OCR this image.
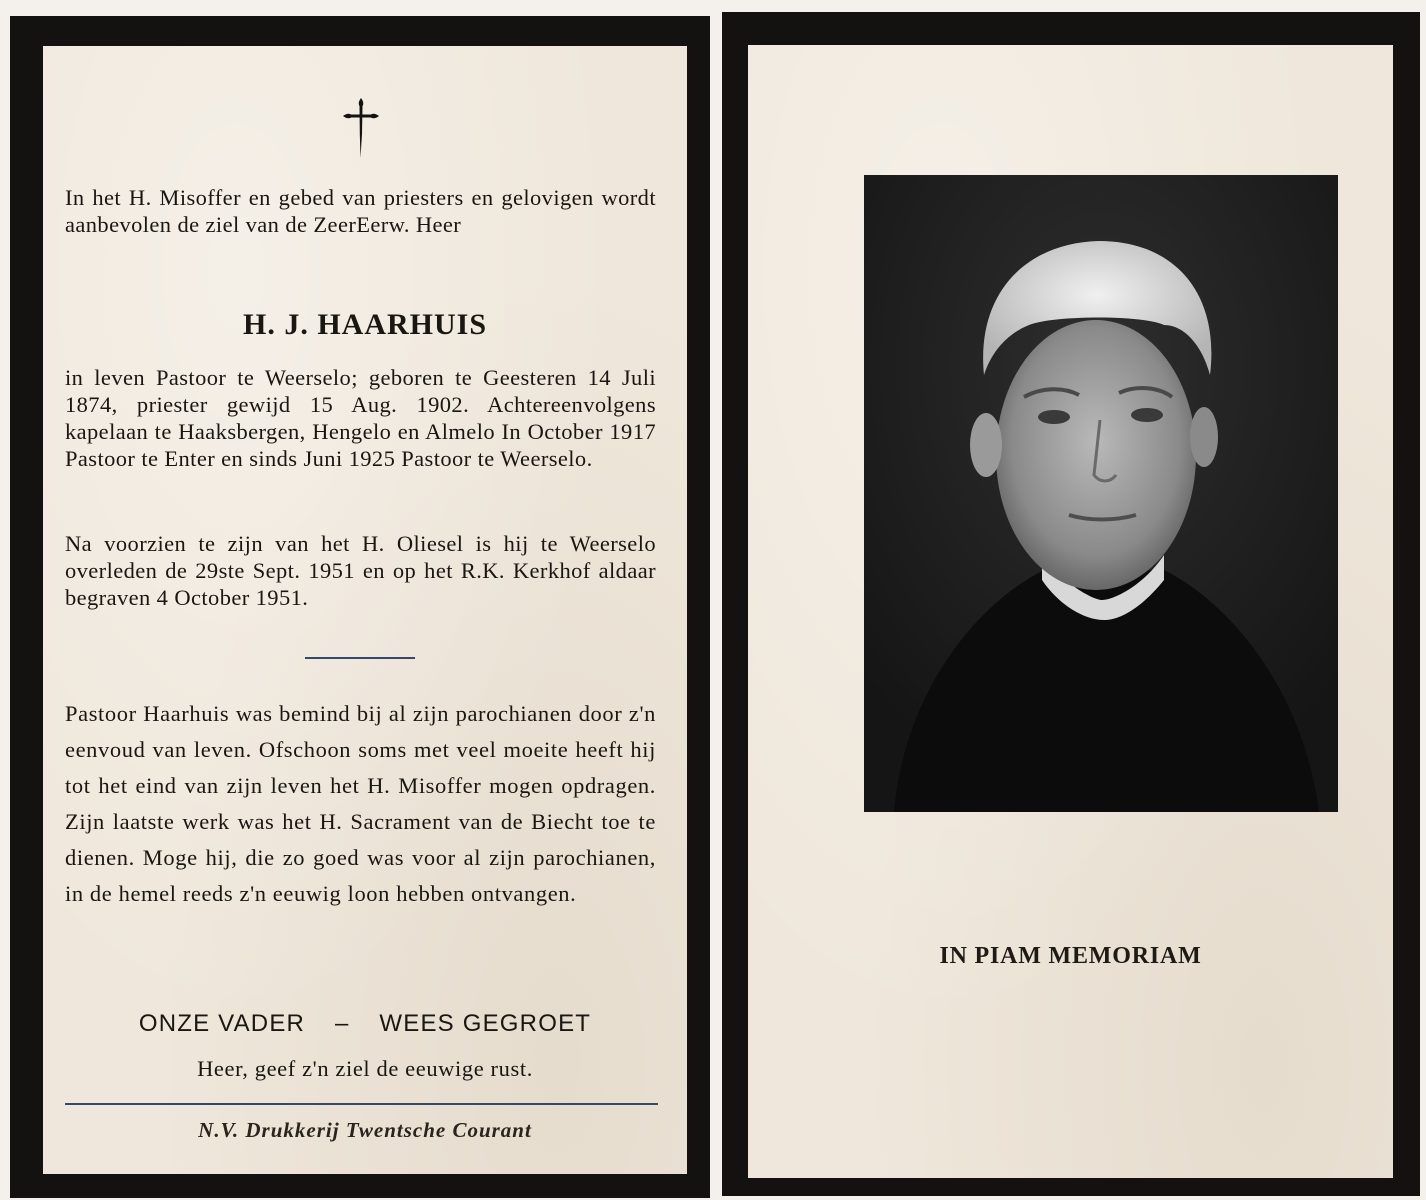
In het H. Misoffer en gebed van priesters en gelovigen wordt aanbevolen de ziel van de ZeerEerw. Heer
H. J. HAARHUIS
in leven Pastoor te Weerselo; geboren te Geesteren 14 Juli 1874, priester gewijd 15 Aug. 1902. Achtereenvolgens kapelaan te Haaksbergen, Hengelo en Almelo In October 1917 Pastoor te Enter en sinds Juni 1925 Pastoor te Weerselo.
Na voorzien te zijn van het H. Oliesel is hij te Weerselo overleden de 29ste Sept. 1951 en op het R.K. Kerkhof aldaar begraven 4 October 1951.
Pastoor Haarhuis was bemind bij al zijn parochianen door z'n eenvoud van leven. Ofschoon soms met veel moeite heeft hij tot het eind van zijn leven het H. Misoffer mogen opdragen. Zijn laatste werk was het H. Sacrament van de Biecht toe te dienen. Moge hij, die zo goed was voor al zijn parochianen, in de hemel reeds z'n eeuwig loon hebben ontvangen.
ONZE VADER – WEES GEGROET
Heer, geef z'n ziel de eeuwige rust.
N.V. Drukkerij Twentsche Courant
IN PIAM MEMORIAM
